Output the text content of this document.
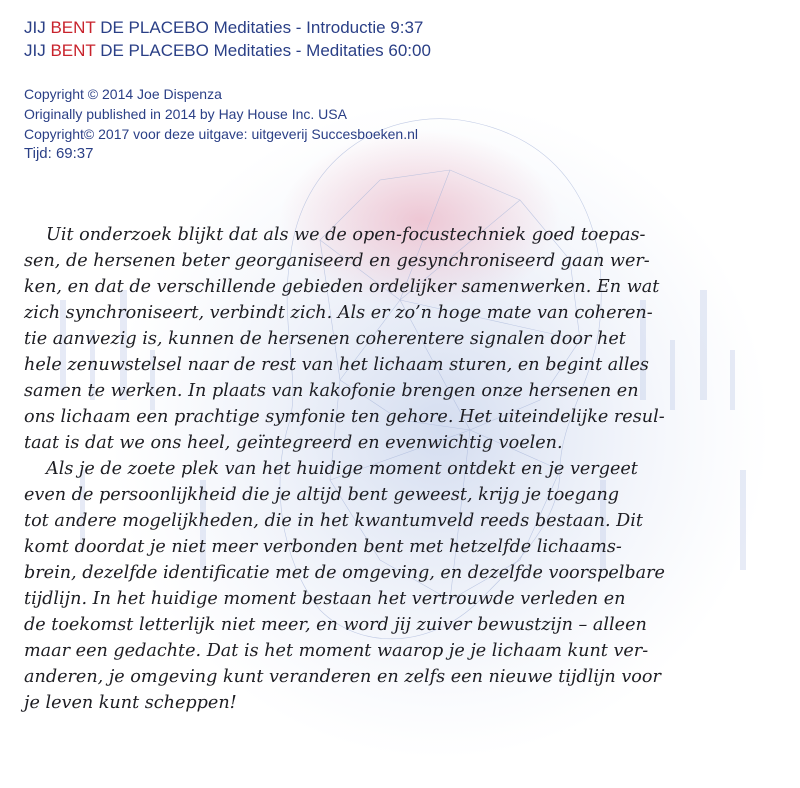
JIJ BENT DE PLACEBO Meditaties - Introductie 9:37
JIJ BENT DE PLACEBO Meditaties - Meditaties 60:00
Copyright © 2014 Joe Dispenza
Originally published in 2014 by Hay House Inc. USA
Copyright© 2017 voor deze uitgave: uitgeverij Succesboeken.nl
Tijd: 69:37
Uit onderzoek blijkt dat als we de open-focustechniek goed toepas-
sen, de hersenen beter georganiseerd en gesynchroniseerd gaan wer-
ken, en dat de verschillende gebieden ordelijker samenwerken. En wat
zich synchroniseert, verbindt zich. Als er zo’n hoge mate van coheren-
tie aanwezig is, kunnen de hersenen coherentere signalen door het
hele zenuwstelsel naar de rest van het lichaam sturen, en begint alles
samen te werken. In plaats van kakofonie brengen onze hersenen en
ons lichaam een prachtige symfonie ten gehore. Het uiteindelijke resul-
taat is dat we ons heel, geïntegreerd en evenwichtig voelen.
Als je de zoete plek van het huidige moment ontdekt en je vergeet
even de persoonlijkheid die je altijd bent geweest, krijg je toegang
tot andere mogelijkheden, die in het kwantumveld reeds bestaan. Dit
komt doordat je niet meer verbonden bent met hetzelfde lichaams-
brein, dezelfde identificatie met de omgeving, en dezelfde voorspelbare
tijdlijn. In het huidige moment bestaan het vertrouwde verleden en
de toekomst letterlijk niet meer, en word jij zuiver bewustzijn – alleen
maar een gedachte. Dat is het moment waarop je je lichaam kunt ver-
anderen, je omgeving kunt veranderen en zelfs een nieuwe tijdlijn voor
je leven kunt scheppen!
